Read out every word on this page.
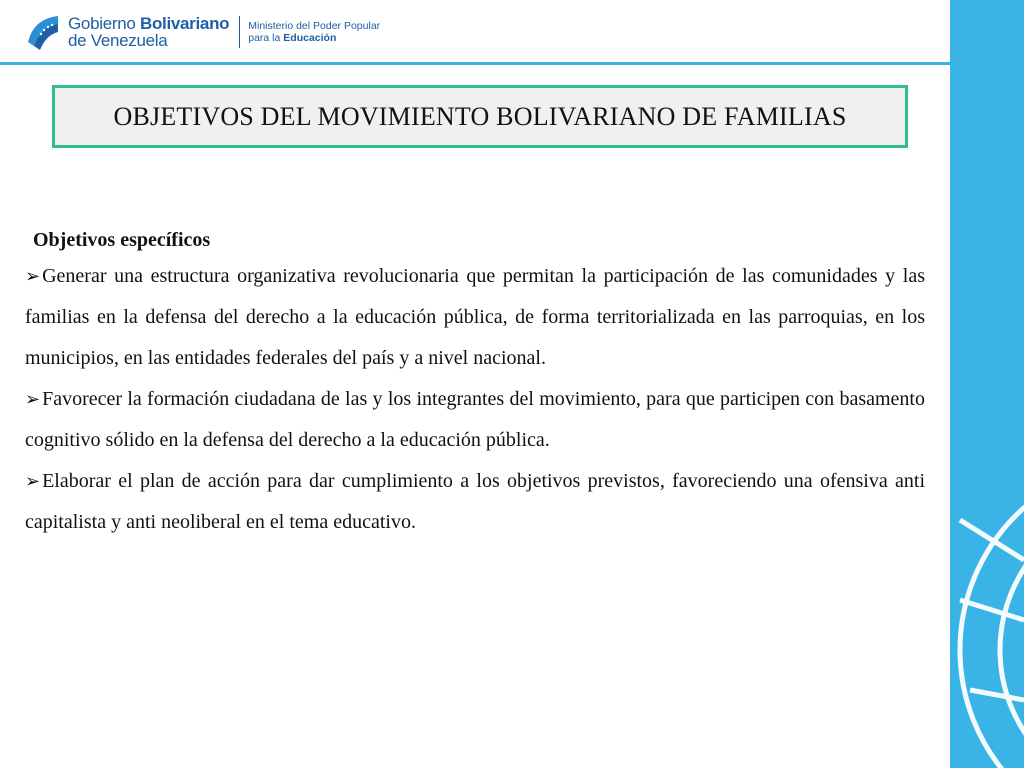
Gobierno Bolivariano
de Venezuela
Ministerio del Poder Popular
para la Educación
OBJETIVOS DEL MOVIMIENTO BOLIVARIANO DE FAMILIAS
Objetivos específicos

➢ Generar una estructura organizativa revolucionaria que permitan la participación de las comunidades y las familias en la defensa del derecho a la educación pública, de forma territorializada en las parroquias, en los municipios, en las entidades federales del país y a nivel nacional.

➢ Favorecer la formación ciudadana de las y los integrantes del movimiento, para que participen con basamento cognitivo sólido en la defensa del derecho a la educación pública.

➢ Elaborar el plan de acción para dar cumplimiento a los objetivos previstos, favoreciendo una ofensiva anti capitalista y anti neoliberal en el tema educativo.
